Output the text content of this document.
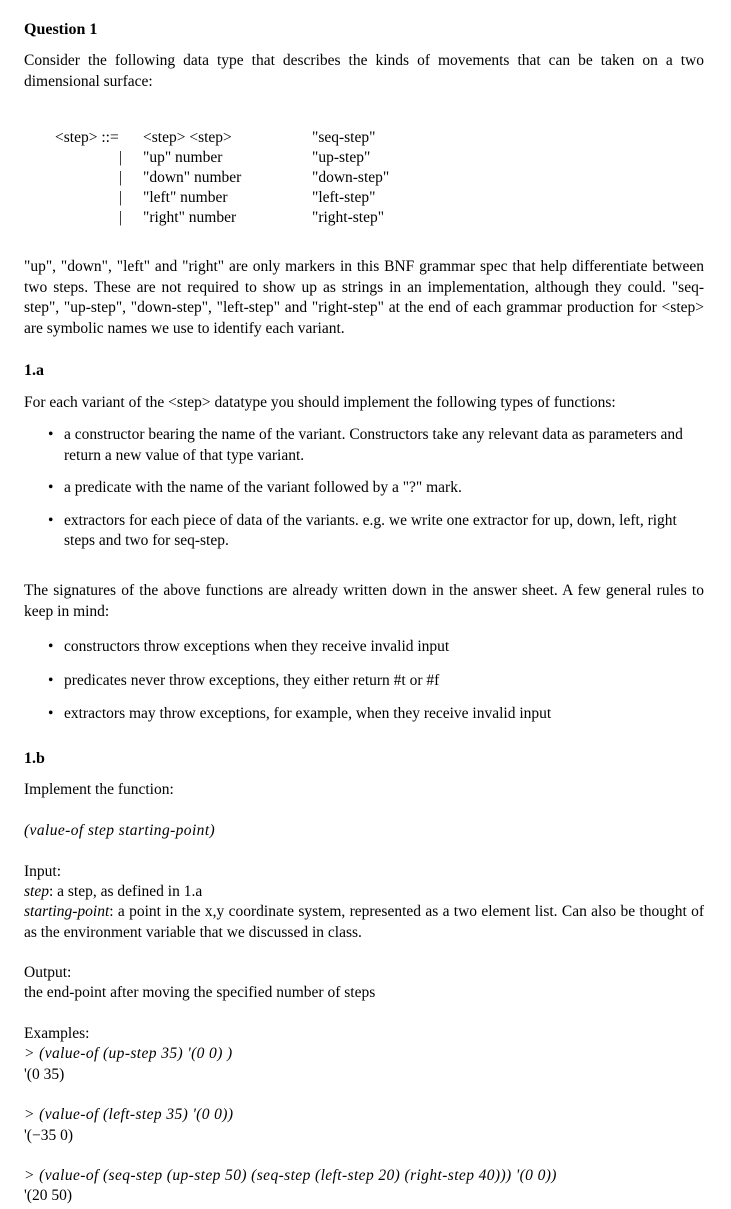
Question 1

Consider the following data type that describes the kinds of movements that can be taken on a two dimensional surface:

<step> ::= <step> <step>	"seq-step"
| "up" number	"up-step"
| "down" number	"down-step"
| "left" number	"left-step"
| "right" number	"right-step"

"up", "down", "left" and "right" are only markers in this BNF grammar spec that help differentiate between two steps. These are not required to show up as strings in an implementation, although they could. "seq-step", "up-step", "down-step", "left-step" and "right-step" at the end of each grammar production for <step> are symbolic names we use to identify each variant.

1.a

For each variant of the <step> datatype you should implement the following types of functions:

• a constructor bearing the name of the variant. Constructors take any relevant data as parameters and return a new value of that type variant.
• a predicate with the name of the variant followed by a "?" mark.
• extractors for each piece of data of the variants. e.g. we write one extractor for up, down, left, right steps and two for seq-step.

The signatures of the above functions are already written down in the answer sheet. A few general rules to keep in mind:

• constructors throw exceptions when they receive invalid input
• predicates never throw exceptions, they either return #t or #f
• extractors may throw exceptions, for example, when they receive invalid input
1.b
Implement the function:
(value-of step starting-point)
Input:
step: a step, as defined in 1.a

starting-point: a point in the x,y coordinate system, represented as a two element list. Can also be thought of as the environment variable that we discussed in class.

Output:
the end-point after moving the specified number of steps
Examples:
> (value-of (up-step 35) '(0 0) )
'(0 35)
> (value-of (left-step 35) '(0 0))
'(−35 0)
> (value-of (seq-step (up-step 50) (seq-step (left-step 20) (right-step 40))) '(0 0))
'(20 50)
